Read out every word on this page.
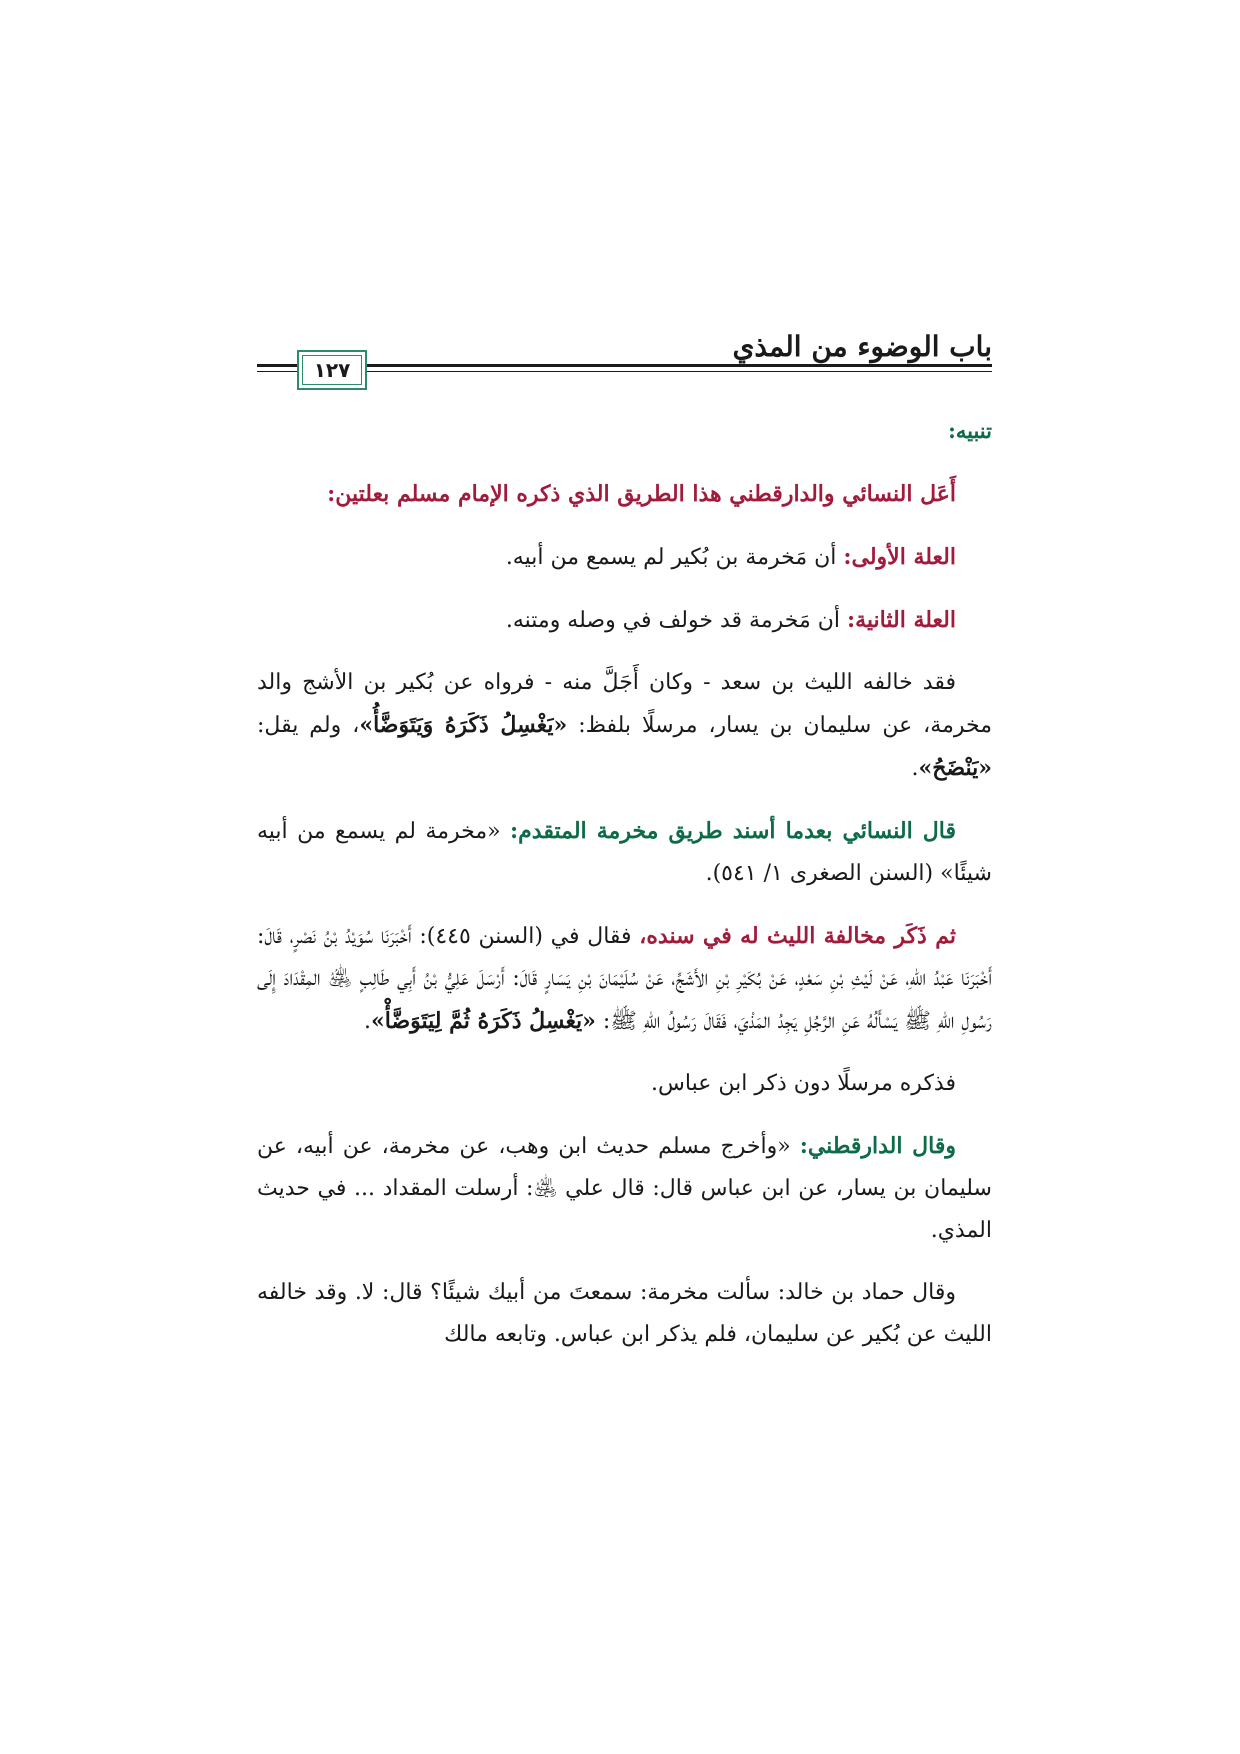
باب الوضوء من المذي
١٢٧

تنبيه:

أَعَل النسائي والدارقطني هذا الطريق الذي ذكره الإمام مسلم بعلتين:

العلة الأولى: أن مَخرمة بن بُكير لم يسمع من أبيه.

العلة الثانية: أن مَخرمة قد خولف في وصله ومتنه.

فقد خالفه الليث بن سعد - وكان أَجَلَّ منه - فرواه عن بُكير بن الأشج والد مخرمة، عن سليمان بن يسار، مرسلًا بلفظ: «يَغْسِلُ ذَكَرَهُ وَيَتَوَضَّأُ»، ولم يقل: «يَنْضَحُ».

قال النسائي بعدما أسند طريق مخرمة المتقدم: «مخرمة لم يسمع من أبيه شيئًا» (السنن الصغرى ١/ ٥٤١).

ثم ذَكَر مخالفة الليث له في سنده، فقال في (السنن ٤٤٥): أَخْبَرَنَا سُوَيْدُ بْنُ نَصْرٍ، قَالَ: أَخْبَرَنَا عَبْدُ اللهِ، عَنْ لَيْثِ بْنِ سَعْدٍ، عَنْ بُكَيْرِ بْنِ الأَشَجِّ، عَنْ سُلَيْمَانَ بْنِ يَسَارٍ قَالَ: أَرْسَلَ عَلِيُّ بْنُ أَبِي طَالِبٍ ﵁ المِقْدَادَ إِلَى رَسُولِ اللهِ ﷺ يَسْأَلُهُ عَنِ الرَّجُلِ يَجِدُ المَذْيَ، فَقَالَ رَسُولُ اللهِ ﷺ: «يَغْسِلُ ذَكَرَهُ ثُمَّ لِيَتَوَضَّأْ».

فذكره مرسلًا دون ذكر ابن عباس.

وقال الدارقطني: «وأخرج مسلم حديث ابن وهب، عن مخرمة، عن أبيه، عن سليمان بن يسار، عن ابن عباس قال: قال علي ﵁: أرسلت المقداد ... في حديث المذي.

وقال حماد بن خالد: سألت مخرمة: سمعتَ من أبيك شيئًا؟ قال: لا. وقد خالفه الليث عن بُكير عن سليمان، فلم يذكر ابن عباس. وتابعه مالك
